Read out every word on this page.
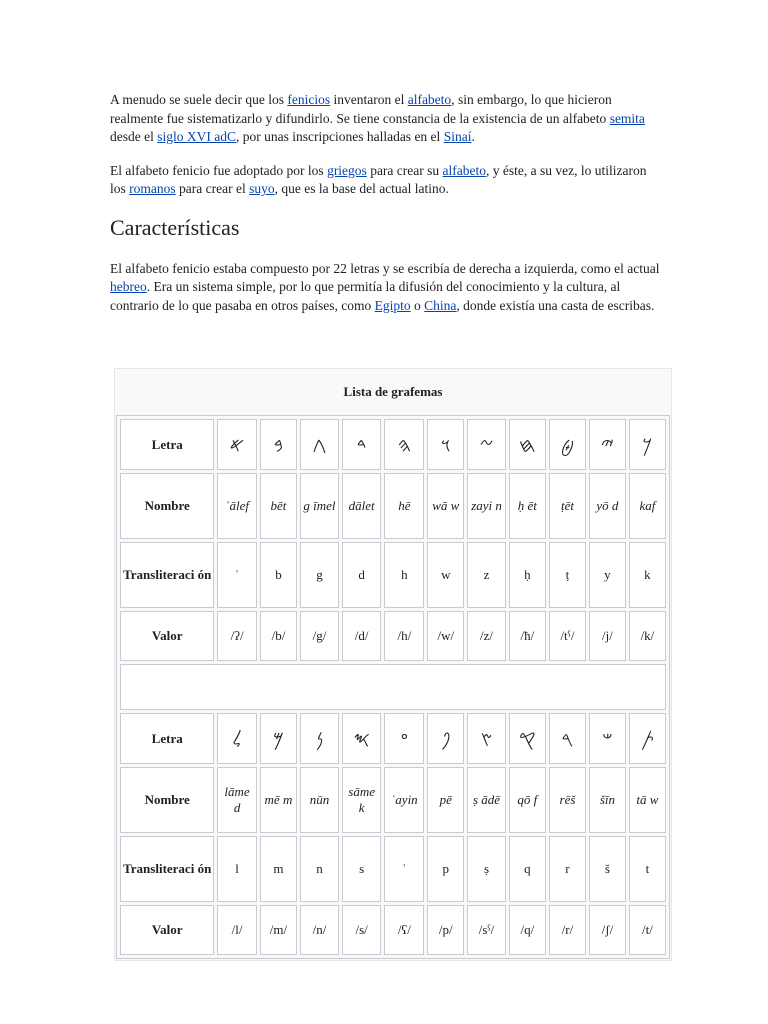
A menudo se suele decir que los fenicios inventaron el alfabeto, sin embargo, lo que hicieron realmente fue sistematizarlo y difundirlo. Se tiene constancia de la existencia de un alfabeto semita desde el siglo XVI adC, por unas inscripciones halladas en el Sinaí.

El alfabeto fenicio fue adoptado por los griegos para crear su alfabeto, y éste, a su vez, lo utilizaron los romanos para crear el suyo, que es la base del actual latino.

Características

El alfabeto fenicio estaba compuesto por 22 letras y se escribía de derecha a izquierda, como el actual hebreo. Era un sistema simple, por lo que permitía la difusión del conocimiento y la cultura, al contrario de lo que pasaba en otros países, como Egipto o China, donde existía una casta de escribas.

Lista de grafemas
Letra	𐤀	𐤁	𐤂	𐤃	𐤄	𐤅	𐤆	𐤇	𐤈	𐤉	𐤊
Nombre	ʾālef	bēt	g īmel	dālet	hē	wā w	zayi n	ḥ ēt	ṭēt	yō d	kaf
Transliteraci ón	ʾ	b	g	d	h	w	z	ḥ	ṭ	y	k
Valor	/ʔ/	/b/	/g/	/d/	/h/	/w/	/z/	/ħ/	/tˤ/	/j/	/k/

Letra	𐤋	𐤌	𐤍	𐤎	𐤏	𐤐	𐤑	𐤒	𐤓	𐤔	𐤕
Nombre	lāme d	mē m	nūn	sāme k	ʿayin	pē	ṣ ādē	qō f	rēš	šīn	tā w
Transliteraci ón	l	m	n	s	ʿ	p	ṣ	q	r	š	t
Valor	/l/	/m/	/n/	/s/	/ʕ/	/p/	/sˤ/	/q/	/r/	/ʃ/	/t/
